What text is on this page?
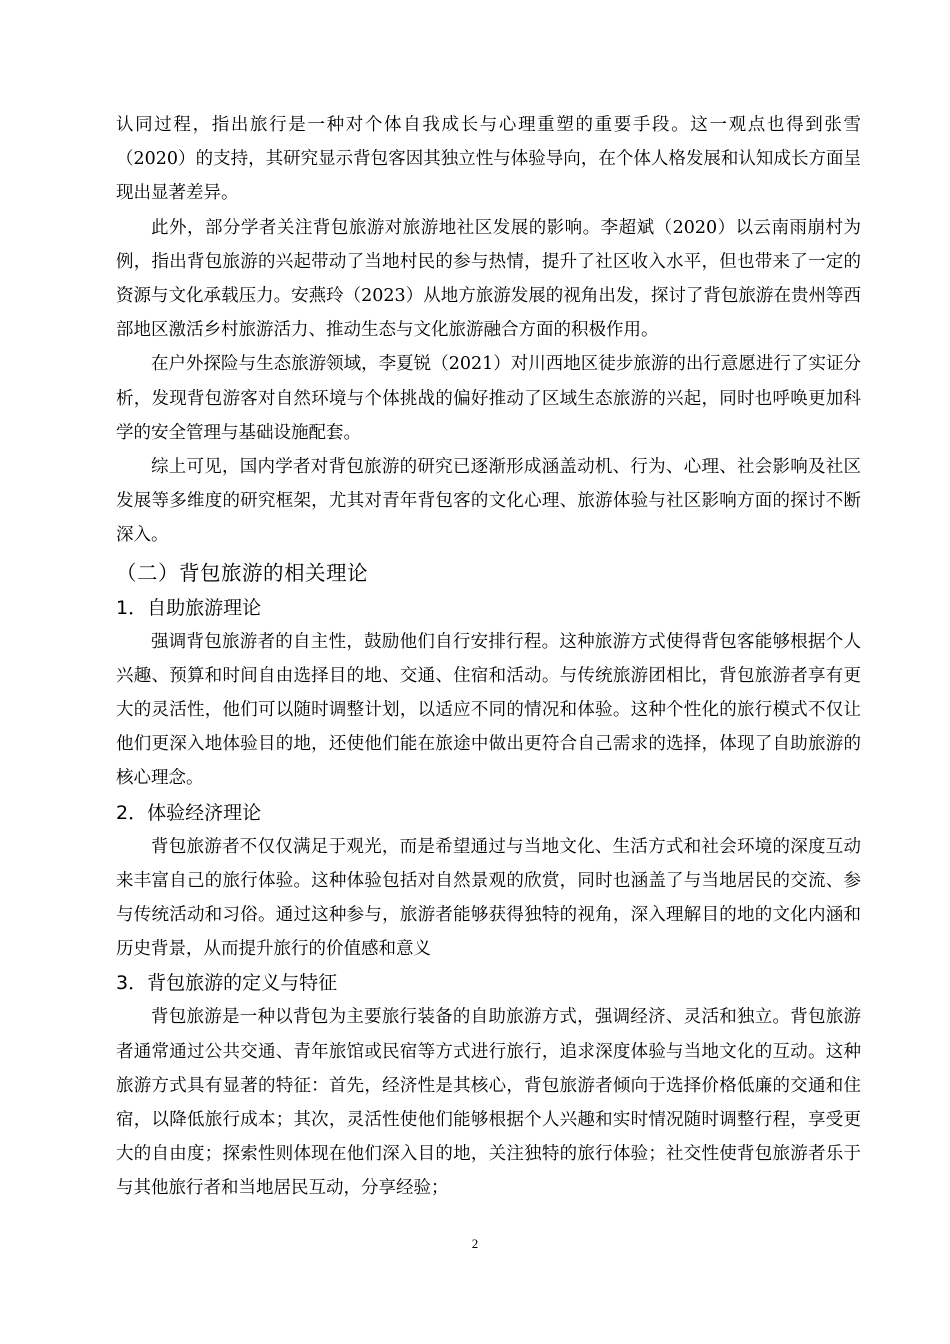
认同过程，指出旅行是一种对个体自我成长与心理重塑的重要手段。这一观点也得到张雪（2020）的支持，其研究显示背包客因其独立性与体验导向，在个体人格发展和认知成长方面呈现出显著差异。

此外，部分学者关注背包旅游对旅游地社区发展的影响。李超斌（2020）以云南雨崩村为例，指出背包旅游的兴起带动了当地村民的参与热情，提升了社区收入水平，但也带来了一定的资源与文化承载压力。安燕玲（2023）从地方旅游发展的视角出发，探讨了背包旅游在贵州等西部地区激活乡村旅游活力、推动生态与文化旅游融合方面的积极作用。

在户外探险与生态旅游领域，李夏锐（2021）对川西地区徒步旅游的出行意愿进行了实证分析，发现背包游客对自然环境与个体挑战的偏好推动了区域生态旅游的兴起，同时也呼唤更加科学的安全管理与基础设施配套。

综上可见，国内学者对背包旅游的研究已逐渐形成涵盖动机、行为、心理、社会影响及社区发展等多维度的研究框架，尤其对青年背包客的文化心理、旅游体验与社区影响方面的探讨不断深入。

（二）背包旅游的相关理论
1．自助旅游理论

强调背包旅游者的自主性，鼓励他们自行安排行程。这种旅游方式使得背包客能够根据个人兴趣、预算和时间自由选择目的地、交通、住宿和活动。与传统旅游团相比，背包旅游者享有更大的灵活性，他们可以随时调整计划，以适应不同的情况和体验。这种个性化的旅行模式不仅让他们更深入地体验目的地，还使他们能在旅途中做出更符合自己需求的选择，体现了自助旅游的核心理念。

2．体验经济理论

背包旅游者不仅仅满足于观光，而是希望通过与当地文化、生活方式和社会环境的深度互动来丰富自己的旅行体验。这种体验包括对自然景观的欣赏，同时也涵盖了与当地居民的交流、参与传统活动和习俗。通过这种参与，旅游者能够获得独特的视角，深入理解目的地的文化内涵和历史背景，从而提升旅行的价值感和意义

3．背包旅游的定义与特征

背包旅游是一种以背包为主要旅行装备的自助旅游方式，强调经济、灵活和独立。背包旅游者通常通过公共交通、青年旅馆或民宿等方式进行旅行，追求深度体验与当地文化的互动。这种旅游方式具有显著的特征：首先，经济性是其核心，背包旅游者倾向于选择价格低廉的交通和住宿，以降低旅行成本；其次，灵活性使他们能够根据个人兴趣和实时情况随时调整行程，享受更大的自由度；探索性则体现在他们深入目的地，关注独特的旅行体验；社交性使背包旅游者乐于与其他旅行者和当地居民互动，分享经验；

2
